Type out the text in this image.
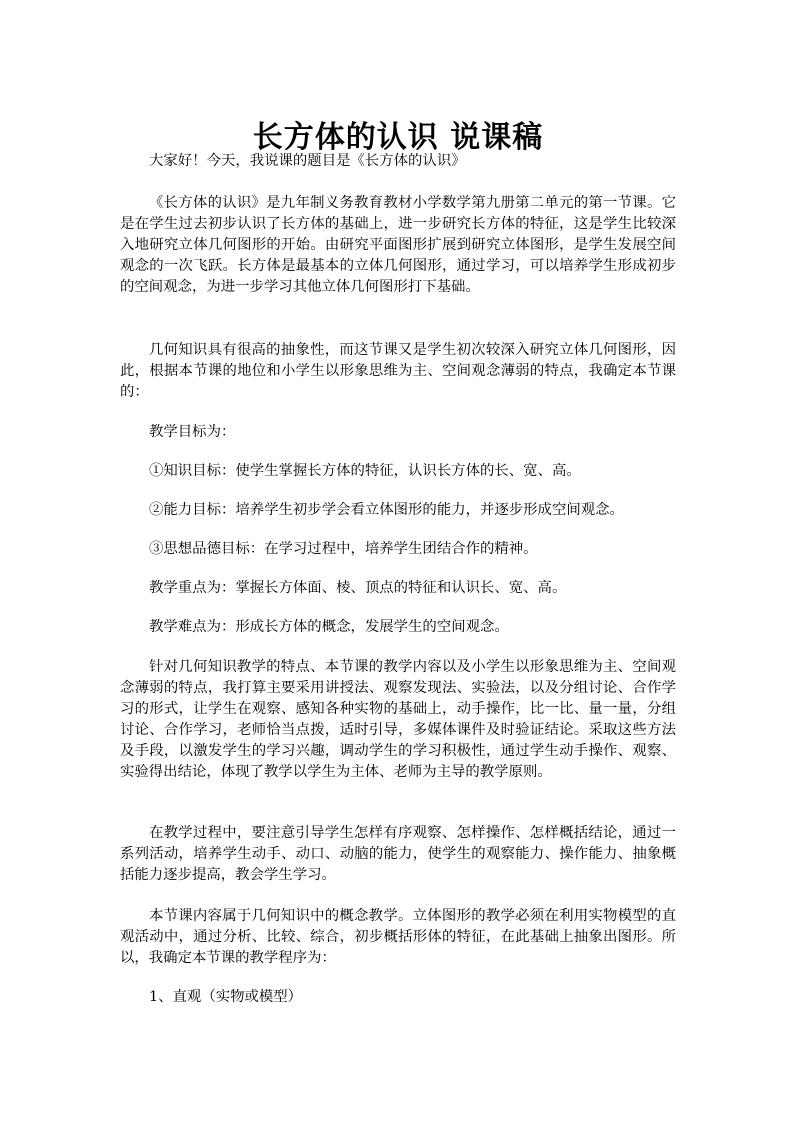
长方体的认识 说课稿

大家好！今天，我说课的题目是《长方体的认识》

《长方体的认识》是九年制义务教育教材小学数学第九册第二单元的第一节课。它是在学生过去初步认识了长方体的基础上，进一步研究长方体的特征，这是学生比较深入地研究立体几何图形的开始。由研究平面图形扩展到研究立体图形，是学生发展空间观念的一次飞跃。长方体是最基本的立体几何图形，通过学习，可以培养学生形成初步的空间观念，为进一步学习其他立体几何图形打下基础。

几何知识具有很高的抽象性，而这节课又是学生初次较深入研究立体几何图形，因此，根据本节课的地位和小学生以形象思维为主、空间观念薄弱的特点，我确定本节课的：

教学目标为：

①知识目标：使学生掌握长方体的特征，认识长方体的长、宽、高。

②能力目标：培养学生初步学会看立体图形的能力，并逐步形成空间观念。

③思想品德目标：在学习过程中，培养学生团结合作的精神。

教学重点为：掌握长方体面、棱、顶点的特征和认识长、宽、高。

教学难点为：形成长方体的概念，发展学生的空间观念。

针对几何知识教学的特点、本节课的教学内容以及小学生以形象思维为主、空间观念薄弱的特点，我打算主要采用讲授法、观察发现法、实验法，以及分组讨论、合作学习的形式，让学生在观察、感知各种实物的基础上，动手操作，比一比、量一量，分组讨论、合作学习，老师恰当点拨，适时引导，多媒体课件及时验证结论。采取这些方法及手段，以激发学生的学习兴趣，调动学生的学习积极性，通过学生动手操作、观察、实验得出结论，体现了教学以学生为主体、老师为主导的教学原则。

在教学过程中，要注意引导学生怎样有序观察、怎样操作、怎样概括结论，通过一系列活动，培养学生动手、动口、动脑的能力，使学生的观察能力、操作能力、抽象概括能力逐步提高，教会学生学习。

本节课内容属于几何知识中的概念教学。立体图形的教学必须在利用实物模型的直观活动中，通过分析、比较、综合，初步概括形体的特征，在此基础上抽象出图形。所以，我确定本节课的教学程序为：

1、直观（实物或模型）
